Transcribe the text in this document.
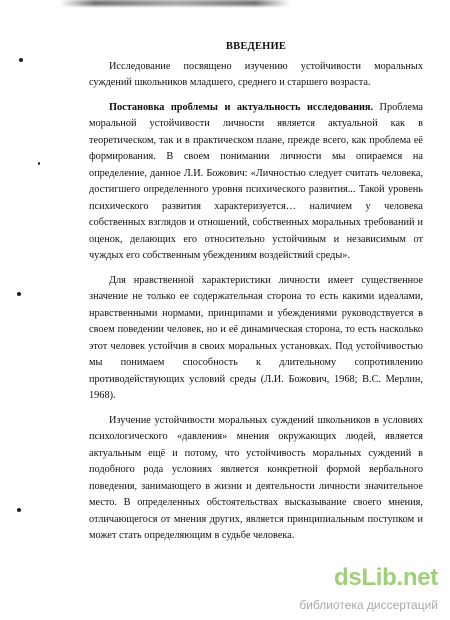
ВВЕДЕНИЕ

Исследование посвящено изучению устойчивости моральных суждений школьников младшего, среднего и старшего возраста.

Постановка проблемы и актуальность исследования. Проблема моральной устойчивости личности является актуальной как в теоретическом, так и в практическом плане, прежде всего, как проблема её формирования. В своем понимании личности мы опираемся на определение, данное Л.И. Божович: «Личностью следует считать человека, достигшего определенного уровня психического развития... Такой уровень психического развития характеризуется… наличием у человека собственных взглядов и отношений, собственных моральных требований и оценок, делающих его относительно устойчивым и независимым от чуждых его собственным убеждениям воздействий среды».

Для нравственной характеристики личности имеет существенное значение не только ее содержательная сторона то есть какими идеалами, нравственными нормами, принципами и убеждениями руководствуется в своем поведении человек, но и её динамическая сторона, то есть насколько этот человек устойчив в своих моральных установках. Под устойчивостью мы понимаем способность к длительному сопротивлению противодействующих условий среды (Л.И. Божович, 1968; В.С. Мерлин, 1968).

Изучение устойчивости моральных суждений школьников в условиях психологического «давления» мнения окружающих людей, является актуальным ещё и потому, что устойчивость моральных суждений в подобного рода условиях является конкретной формой вербального поведения, занимающего в жизни и деятельности личности значительное место. В определенных обстоятельствах высказывание своего мнения, отличающегося от мнения других, является принципиальным поступком и может стать определяющим в судьбе человека.

dsLib.net
библиотека диссертаций
